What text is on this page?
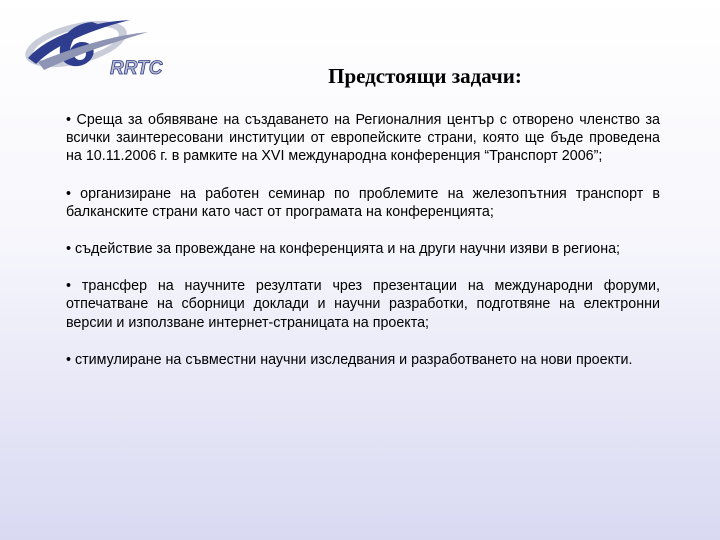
RRTC	Предстоящи задачи:

• Среща за обявяване на създаването на Регионалния център с отворено членство за всички заинтересовани институции от европейските страни, която ще бъде проведена на 10.11.2006 г. в рамките на XVI международна конференция “Транспорт 2006”;

• организиране на работен семинар по проблемите на железопътния транспорт в балканските страни като част от програмата на конференцията;

• съдействие за провеждане на конференцията и на други научни изяви в региона;

• трансфер на научните резултати чрез презентации на международни форуми, отпечатване на сборници доклади и научни разработки, подготвяне на електронни версии и използване интернет-страницата на проекта;

• стимулиране на съвместни научни изследвания и разработването на нови проекти.
